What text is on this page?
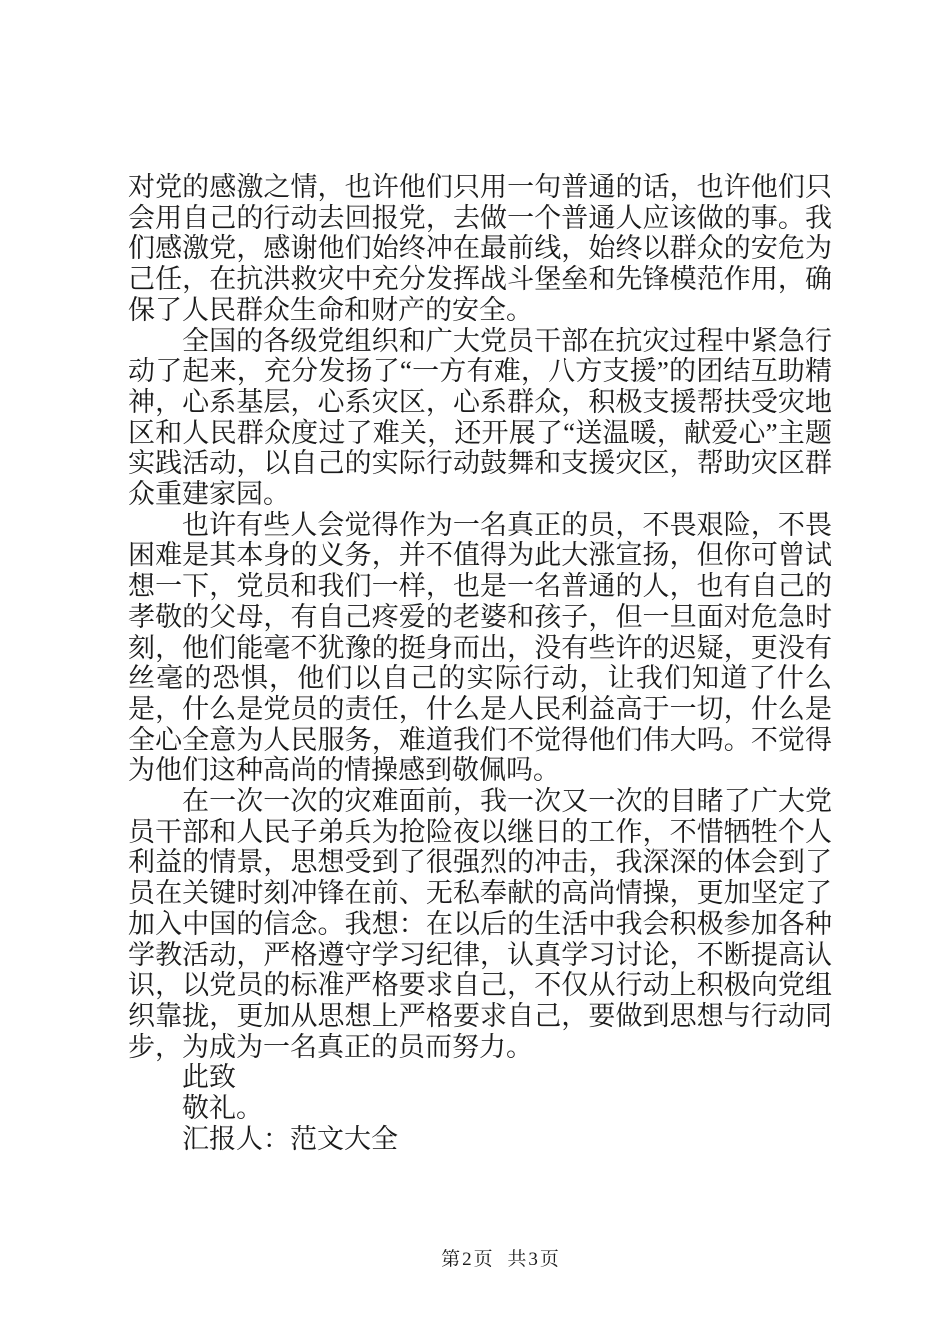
对党的感激之情，也许他们只用一句普通的话，也许他们只会用自己的行动去回报党，去做一个普通人应该做的事。我们感激党，感谢他们始终冲在最前线，始终以群众的安危为己任，在抗洪救灾中充分发挥战斗堡垒和先锋模范作用，确保了人民群众生命和财产的安全。

全国的各级党组织和广大党员干部在抗灾过程中紧急行动了起来，充分发扬了“一方有难，八方支援”的团结互助精神，心系基层，心系灾区，心系群众，积极支援帮扶受灾地区和人民群众度过了难关，还开展了“送温暖，献爱心”主题实践活动，以自己的实际行动鼓舞和支援灾区，帮助灾区群众重建家园。

也许有些人会觉得作为一名真正的员，不畏艰险，不畏困难是其本身的义务，并不值得为此大涨宣扬，但你可曾试想一下，党员和我们一样，也是一名普通的人，也有自己的孝敬的父母，有自己疼爱的老婆和孩子，但一旦面对危急时刻，他们能毫不犹豫的挺身而出，没有些许的迟疑，更没有丝毫的恐惧，他们以自己的实际行动，让我们知道了什么是，什么是党员的责任，什么是人民利益高于一切，什么是全心全意为人民服务，难道我们不觉得他们伟大吗。不觉得为他们这种高尚的情操感到敬佩吗。

在一次一次的灾难面前，我一次又一次的目睹了广大党员干部和人民子弟兵为抢险夜以继日的工作，不惜牺牲个人利益的情景，思想受到了很强烈的冲击，我深深的体会到了员在关键时刻冲锋在前、无私奉献的高尚情操，更加坚定了加入中国的信念。我想：在以后的生活中我会积极参加各种学教活动，严格遵守学习纪律，认真学习讨论，不断提高认识，以党员的标准严格要求自己，不仅从行动上积极向党组织靠拢，更加从思想上严格要求自己，要做到思想与行动同步，为成为一名真正的员而努力。

此致

敬礼。

汇报人：范文大全

第2页 共3页
